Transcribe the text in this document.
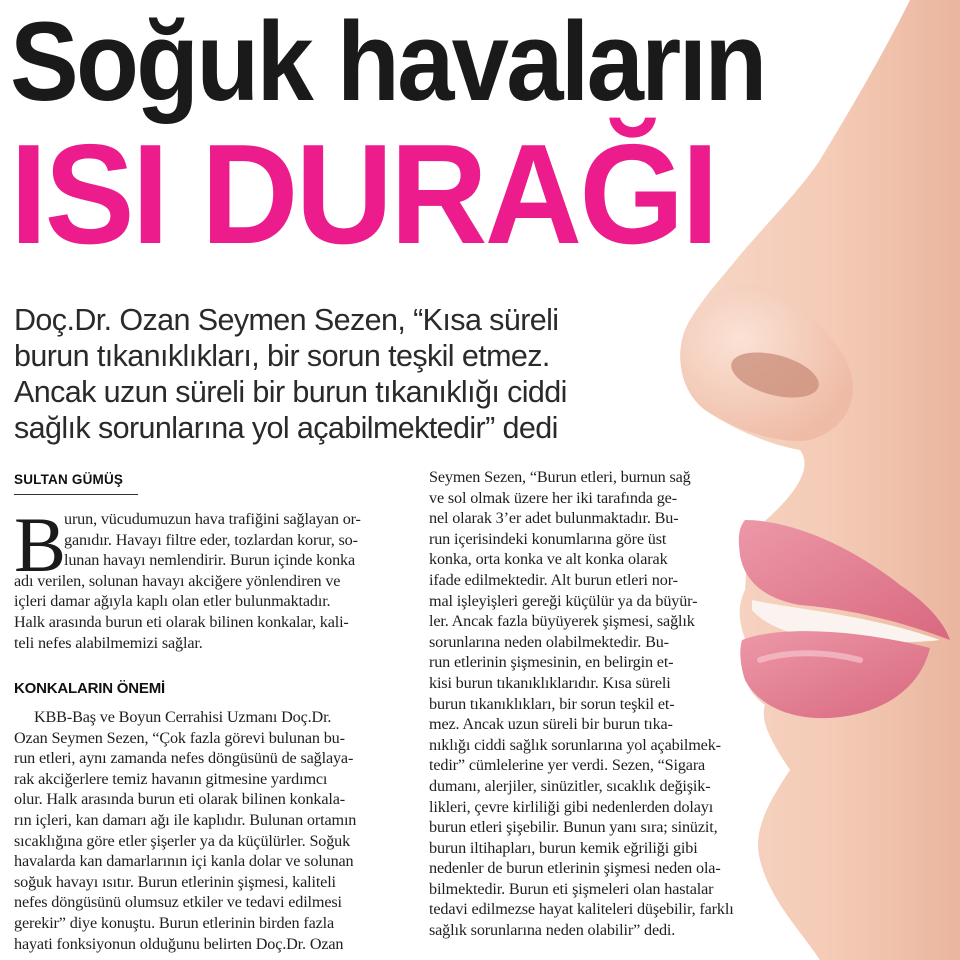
Soğuk havaların
ISI DURAĞI
Doç.Dr. Ozan Seymen Sezen, “Kısa süreli
burun tıkanıklıkları, bir sorun teşkil etmez.
Ancak uzun süreli bir burun tıkanıklığı ciddi
sağlık sorunlarına yol açabilmektedir” dedi
SULTAN GÜMÜŞ
B

urun, vücudumuzun hava trafiğini sağlayan or-

ganıdır. Havayı filtre eder, tozlardan korur, so-

lunan havayı nemlendirir. Burun içinde konka

adı verilen, solunan havayı akciğere yönlendiren ve

içleri damar ağıyla kaplı olan etler bulunmaktadır.

Halk arasında burun eti olarak bilinen konkalar, kali-

teli nefes alabilmemizi sağlar.

KONKALARIN ÖNEMİ

KBB-Baş ve Boyun Cerrahisi Uzmanı Doç.Dr.

Ozan Seymen Sezen, “Çok fazla görevi bulunan bu-

run etleri, aynı zamanda nefes döngüsünü de sağlaya-

rak akciğerlere temiz havanın gitmesine yardımcı

olur. Halk arasında burun eti olarak bilinen konkala-

rın içleri, kan damarı ağı ile kaplıdır. Bulunan ortamın

sıcaklığına göre etler şişerler ya da küçülürler. Soğuk

havalarda kan damarlarının içi kanla dolar ve solunan

soğuk havayı ısıtır. Burun etlerinin şişmesi, kaliteli

nefes döngüsünü olumsuz etkiler ve tedavi edilmesi

gerekir” diye konuştu. Burun etlerinin birden fazla

hayati fonksiyonun olduğunu belirten Doç.Dr. Ozan

Seymen Sezen, “Burun etleri, burnun sağ

ve sol olmak üzere her iki tarafında ge-

nel olarak 3’er adet bulunmaktadır. Bu-

run içerisindeki konumlarına göre üst

konka, orta konka ve alt konka olarak

ifade edilmektedir. Alt burun etleri nor-

mal işleyişleri gereği küçülür ya da büyür-

ler. Ancak fazla büyüyerek şişmesi, sağlık

sorunlarına neden olabilmektedir. Bu-

run etlerinin şişmesinin, en belirgin et-

kisi burun tıkanıklıklarıdır. Kısa süreli

burun tıkanıklıkları, bir sorun teşkil et-

mez. Ancak uzun süreli bir burun tıka-

nıklığı ciddi sağlık sorunlarına yol açabilmek-

tedir” cümlelerine yer verdi. Sezen, “Sigara

dumanı, alerjiler, sinüzitler, sıcaklık değişik-

likleri, çevre kirliliği gibi nedenlerden dolayı

burun etleri şişebilir. Bunun yanı sıra; sinüzit,

burun iltihapları, burun kemik eğriliği gibi

nedenler de burun etlerinin şişmesi neden ola-

bilmektedir. Burun eti şişmeleri olan hastalar

tedavi edilmezse hayat kaliteleri düşebilir, farklı

sağlık sorunlarına neden olabilir” dedi.
